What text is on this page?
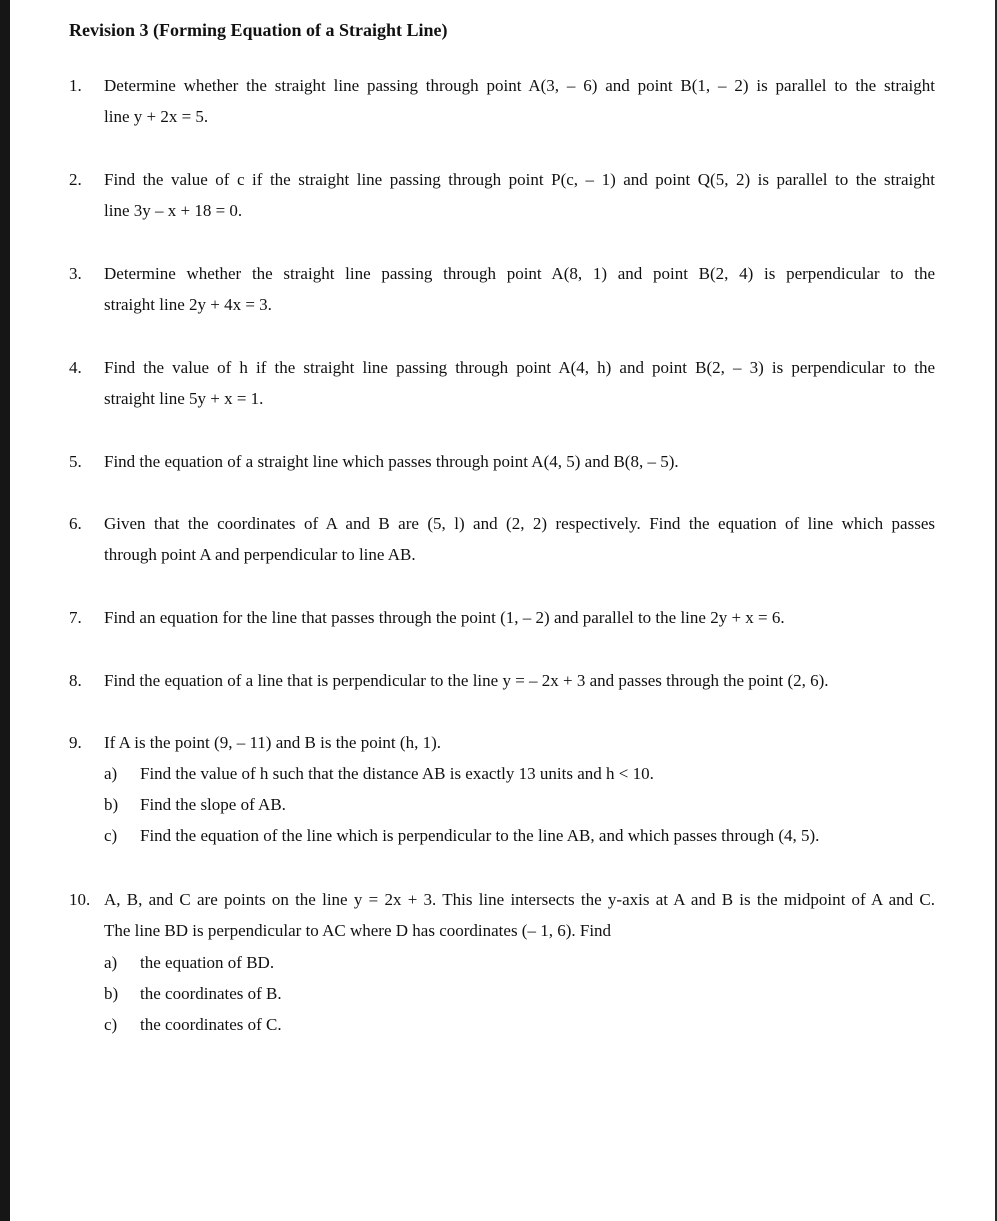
Revision 3 (Forming Equation of a Straight Line)
1. Determine whether the straight line passing through point A(3, – 6) and point B(1, – 2) is parallel to the straight
line y + 2x = 5.
2. Find the value of c if the straight line passing through point P(c, – 1) and point Q(5, 2) is parallel to the straight
line 3y – x + 18 = 0.
3. Determine whether the straight line passing through point A(8, 1) and point B(2, 4) is perpendicular to the
straight line 2y + 4x = 3.
4. Find the value of h if the straight line passing through point A(4, h) and point B(2, – 3) is perpendicular to the
straight line 5y + x = 1.
5. Find the equation of a straight line which passes through point A(4, 5) and B(8, – 5).
6. Given that the coordinates of A and B are (5, l) and (2, 2) respectively. Find the equation of line which passes
through point A and perpendicular to line AB.
7. Find an equation for the line that passes through the point (1, – 2) and parallel to the line 2y + x = 6.
8. Find the equation of a line that is perpendicular to the line y = – 2x + 3 and passes through the point (2, 6).
9. If A is the point (9, – 11) and B is the point (h, 1).
a) Find the value of h such that the distance AB is exactly 13 units and h < 10.
b) Find the slope of AB.
c) Find the equation of the line which is perpendicular to the line AB, and which passes through (4, 5).
10. A, B, and C are points on the line y = 2x + 3. This line intersects the y-axis at A and B is the midpoint of A and C.
The line BD is perpendicular to AC where D has coordinates (– 1, 6). Find
a) the equation of BD.
b) the coordinates of B.
c) the coordinates of C.
